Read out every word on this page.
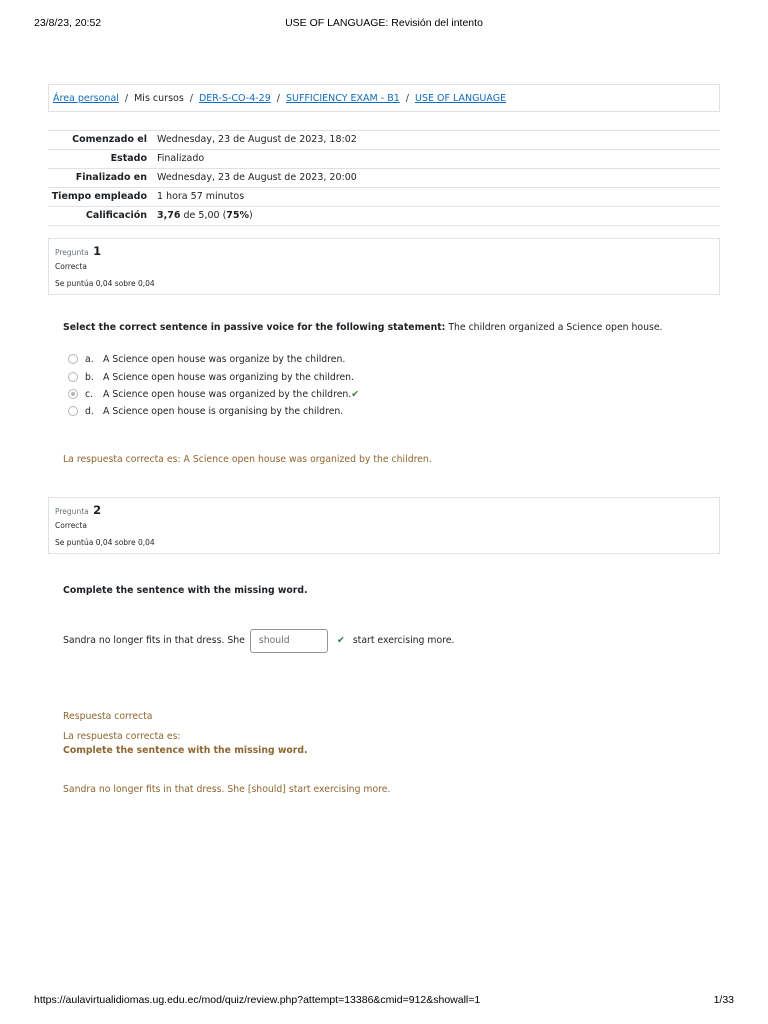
23/8/23, 20:52	USE OF LANGUAGE: Revisión del intento
Área personal / Mis cursos / DER-S-CO-4-29 / SUFFICIENCY EXAM - B1 / USE OF LANGUAGE
Comenzado el	Wednesday, 23 de August de 2023, 18:02
Estado	Finalizado
Finalizado en	Wednesday, 23 de August de 2023, 20:00
Tiempo empleado	1 hora 57 minutos
Calificación	3,76 de 5,00 (75%)
Pregunta 1
Correcta
Se puntúa 0,04 sobre 0,04
Select the correct sentence in passive voice for the following statement: The children organized a Science open house.
a. A Science open house was organize by the children.
b. A Science open house was organizing by the children.
c. A Science open house was organized by the children.✔
d. A Science open house is organising by the children.
La respuesta correcta es: A Science open house was organized by the children.
Pregunta 2
Correcta
Se puntúa 0,04 sobre 0,04
Complete the sentence with the missing word.
Sandra no longer fits in that dress. She should	✔ start exercising more.
Respuesta correcta
La respuesta correcta es:
Complete the sentence with the missing word.
Sandra no longer fits in that dress. She [should] start exercising more.
https://aulavirtualidiomas.ug.edu.ec/mod/quiz/review.php?attempt=13386&cmid=912&showall=1	1/33
